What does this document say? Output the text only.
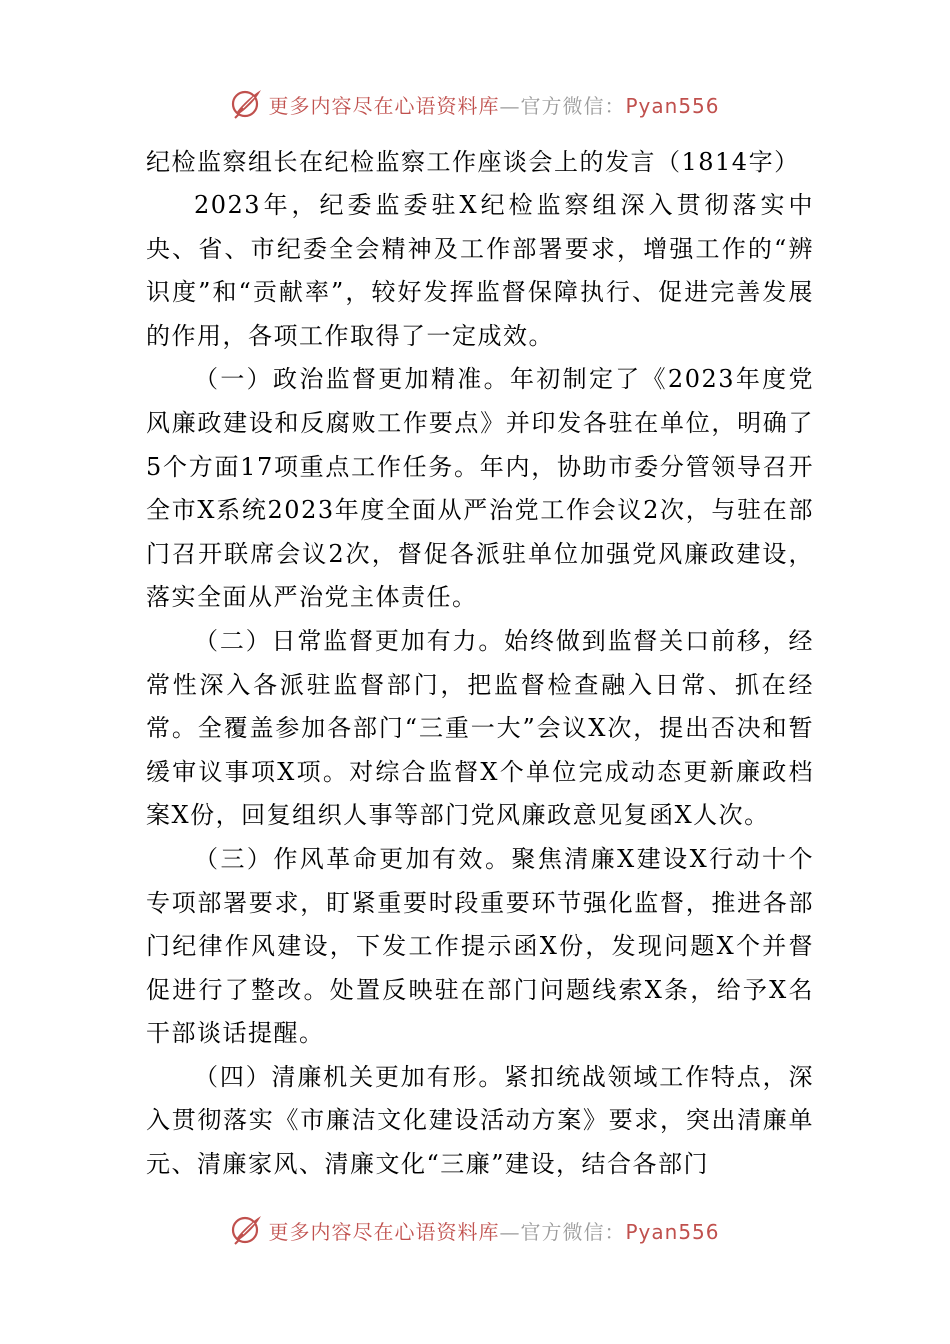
更多内容尽在心语资料库—官方微信：Pyan556

纪检监察组长在纪检监察工作座谈会上的发言（1814字）

2023年，纪委监委驻X纪检监察组深入贯彻落实中央、省、市纪委全会精神及工作部署要求，增强工作的“辨识度”和“贡献率”，较好发挥监督保障执行、促进完善发展的作用，各项工作取得了一定成效。

（一）政治监督更加精准。年初制定了《2023年度党风廉政建设和反腐败工作要点》并印发各驻在单位，明确了5个方面17项重点工作任务。年内，协助市委分管领导召开全市X系统2023年度全面从严治党工作会议2次，与驻在部门召开联席会议2次，督促各派驻单位加强党风廉政建设，落实全面从严治党主体责任。

（二）日常监督更加有力。始终做到监督关口前移，经常性深入各派驻监督部门，把监督检查融入日常、抓在经常。全覆盖参加各部门“三重一大”会议X次，提出否决和暂缓审议事项X项。对综合监督X个单位完成动态更新廉政档案X份，回复组织人事等部门党风廉政意见复函X人次。

（三）作风革命更加有效。聚焦清廉X建设X行动十个专项部署要求，盯紧重要时段重要环节强化监督，推进各部门纪律作风建设，下发工作提示函X份，发现问题X个并督促进行了整改。处置反映驻在部门问题线索X条，给予X名干部谈话提醒。

（四）清廉机关更加有形。紧扣统战领域工作特点，深入贯彻落实《市廉洁文化建设活动方案》要求，突出清廉单元、清廉家风、清廉文化“三廉”建设，结合各部门

更多内容尽在心语资料库—官方微信：Pyan556
